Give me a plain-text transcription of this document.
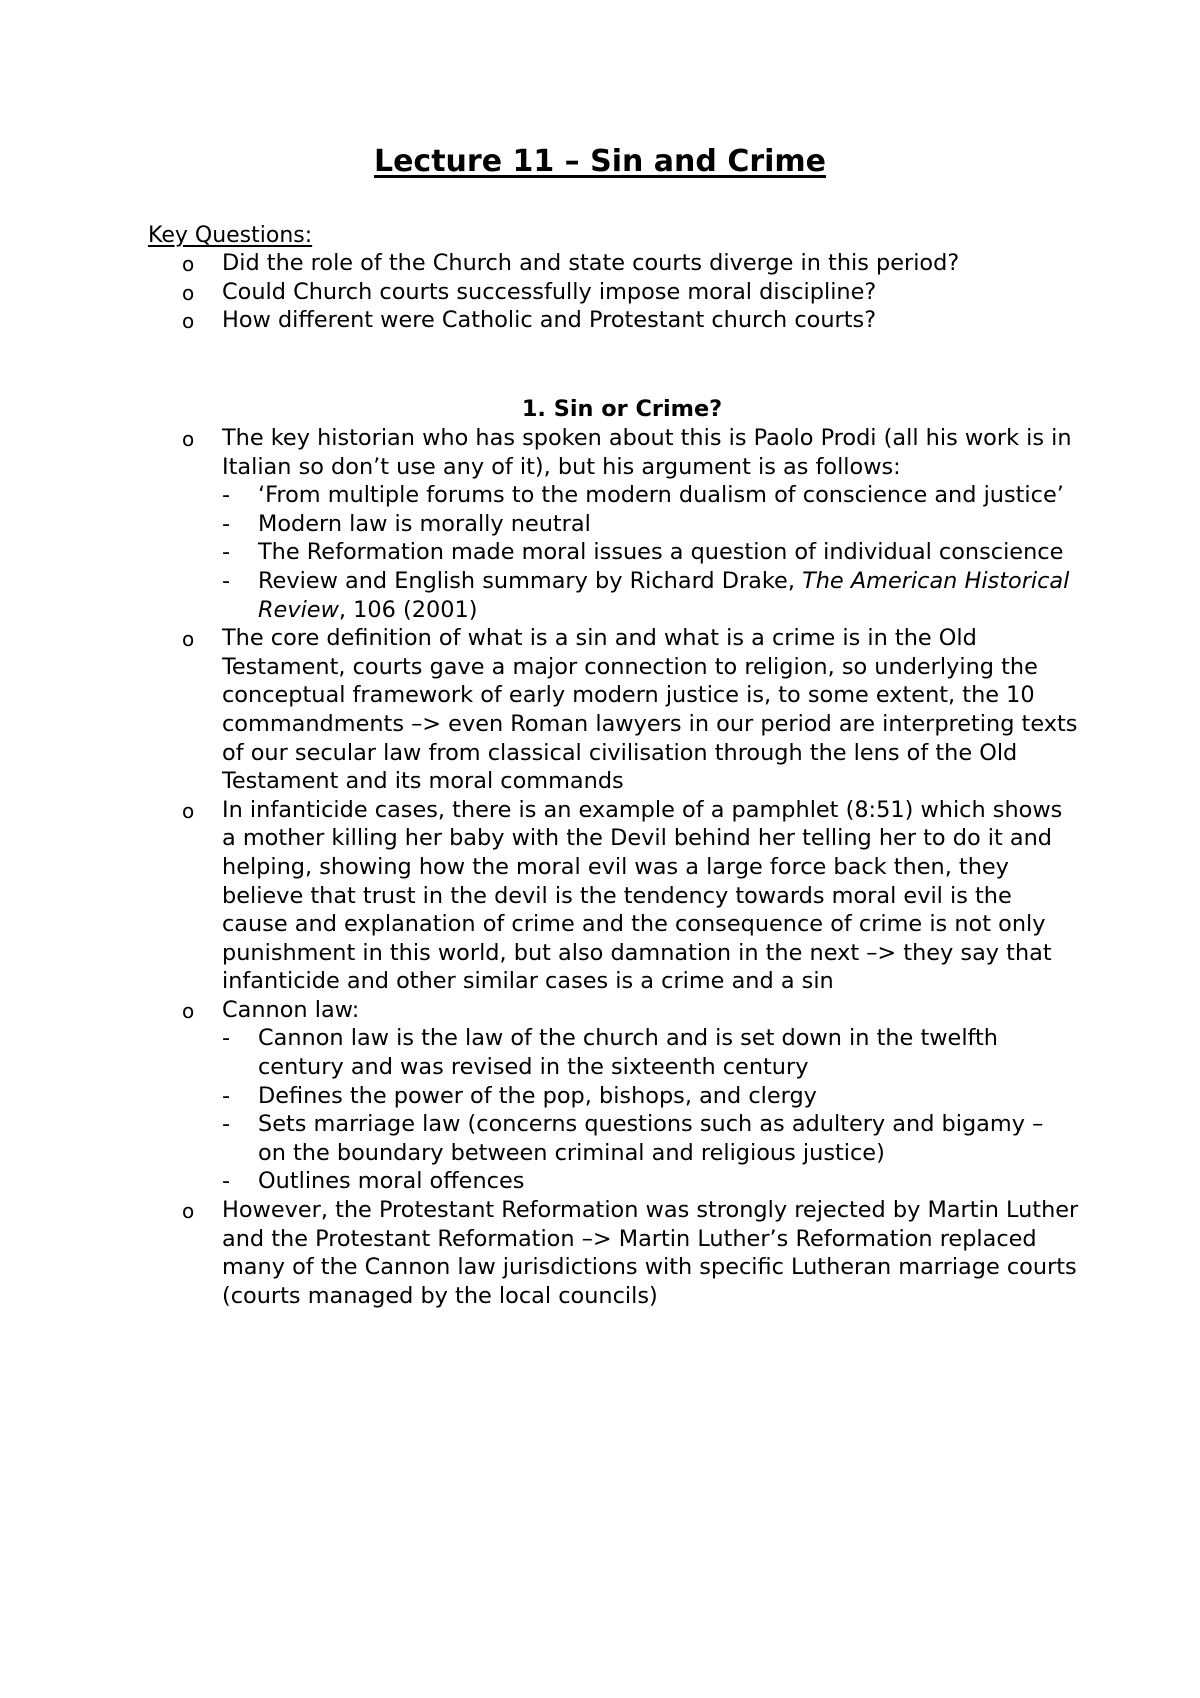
Lecture 11 – Sin and Crime
Key Questions:
o Did the role of the Church and state courts diverge in this period?
o Could Church courts successfully impose moral discipline?
o How different were Catholic and Protestant church courts?
1. Sin or Crime?
o The key historian who has spoken about this is Paolo Prodi (all his work is in Italian so don’t use any of it), but his argument is as follows:
- ‘From multiple forums to the modern dualism of conscience and justice’
- Modern law is morally neutral
- The Reformation made moral issues a question of individual conscience
- Review and English summary by Richard Drake, The American Historical Review, 106 (2001)
o The core definition of what is a sin and what is a crime is in the Old Testament, courts gave a major connection to religion, so underlying the conceptual framework of early modern justice is, to some extent, the 10 commandments –> even Roman lawyers in our period are interpreting texts of our secular law from classical civilisation through the lens of the Old Testament and its moral commands
o In infanticide cases, there is an example of a pamphlet (8:51) which shows a mother killing her baby with the Devil behind her telling her to do it and helping, showing how the moral evil was a large force back then, they believe that trust in the devil is the tendency towards moral evil is the cause and explanation of crime and the consequence of crime is not only punishment in this world, but also damnation in the next –> they say that infanticide and other similar cases is a crime and a sin
o Cannon law:
- Cannon law is the law of the church and is set down in the twelfth century and was revised in the sixteenth century
- Defines the power of the pop, bishops, and clergy
- Sets marriage law (concerns questions such as adultery and bigamy – on the boundary between criminal and religious justice)
- Outlines moral offences
o However, the Protestant Reformation was strongly rejected by Martin Luther and the Protestant Reformation –> Martin Luther’s Reformation replaced many of the Cannon law jurisdictions with specific Lutheran marriage courts (courts managed by the local councils)
